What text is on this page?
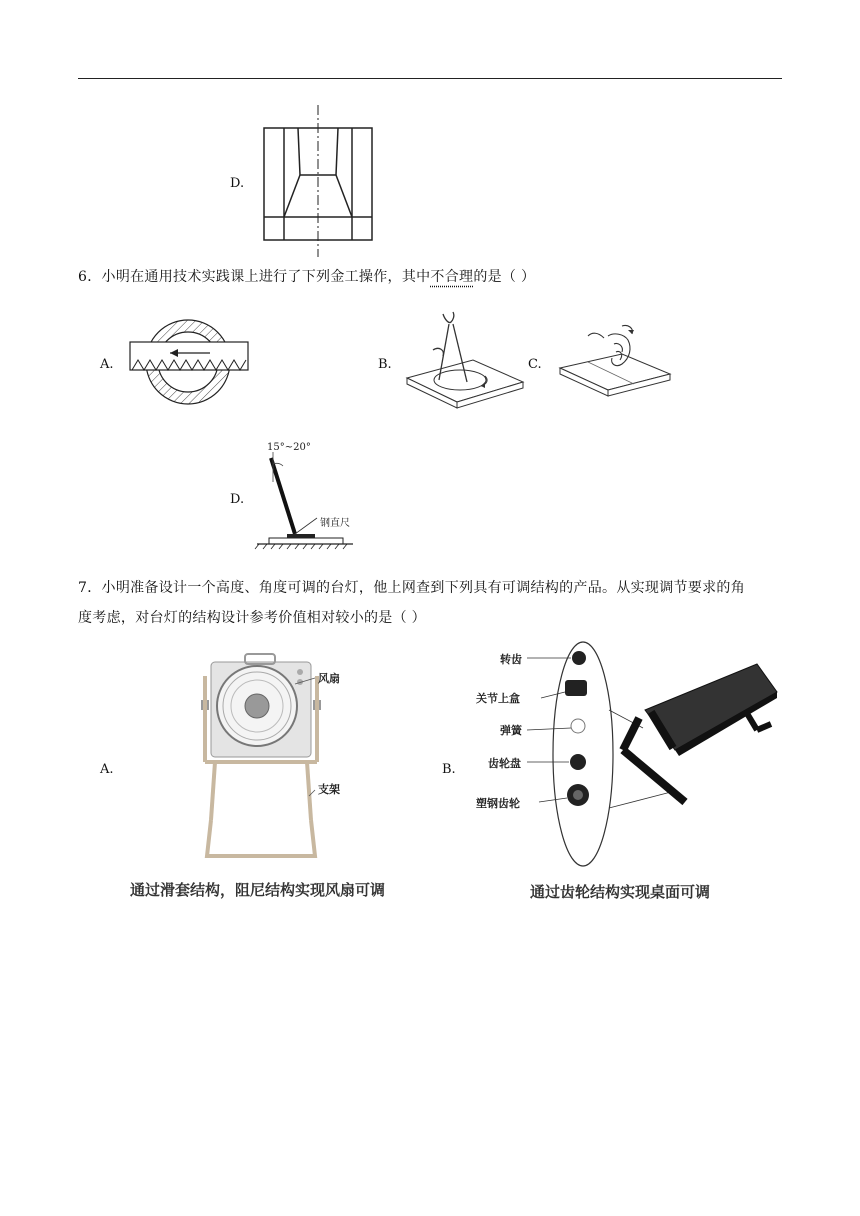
D.
6．小明在通用技术实践课上进行了下列金工操作，其中不合理的是（ ）
A.	B.	C.
D.
15°~20°
钢直尺
7．小明准备设计一个高度、角度可调的台灯，他上网查到下列具有可调结构的产品。从实现调节要求的角
度考虑，对台灯的结构设计参考价值相对较小的是（ ）
A.
风扇
支架
通过滑套结构，阻尼结构实现风扇可调
B.
转齿
关节上盒
弹簧
齿轮盘
塑钢齿轮
通过齿轮结构实现桌面可调
